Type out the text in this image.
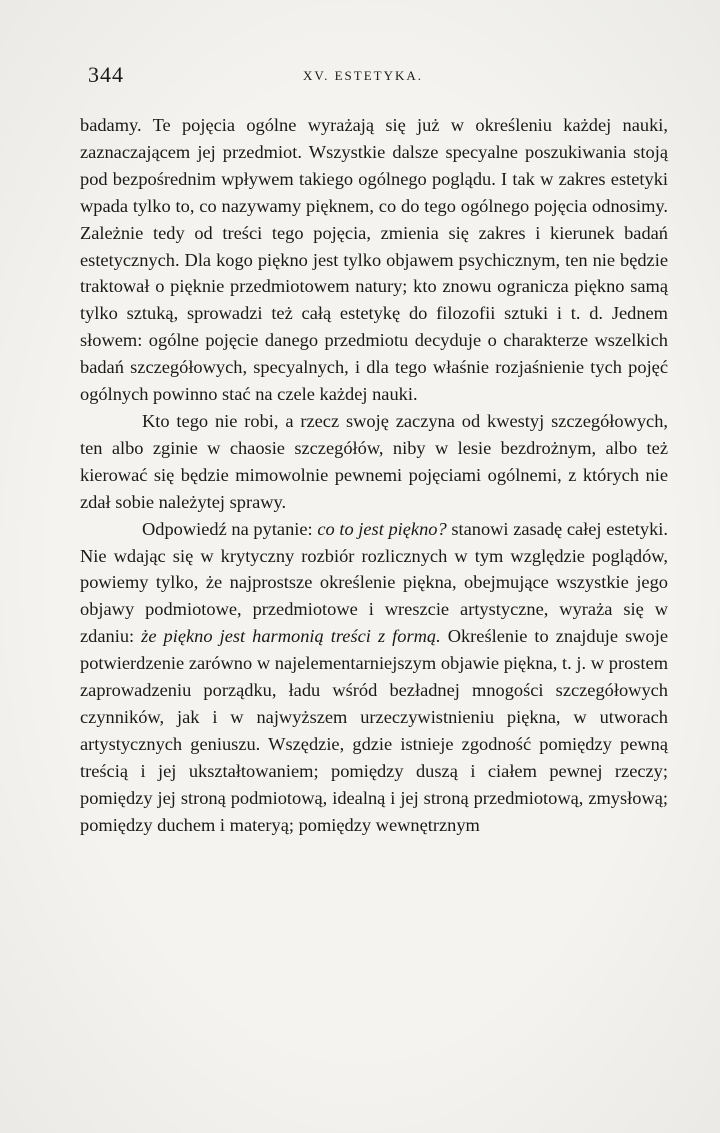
344	XV. ESTETYKA.

badamy. Te pojęcia ogólne wyrażają się już w określeniu każdej nauki, zaznaczającem jej przedmiot. Wszystkie dalsze specyalne poszukiwania stoją pod bezpośrednim wpływem takiego ogólnego poglądu. I tak w zakres estetyki wpada tylko to, co nazywamy pięknem, co do tego ogólnego pojęcia odnosimy. Zależnie tedy od treści tego pojęcia, zmienia się zakres i kierunek badań estetycznych. Dla kogo piękno jest tylko objawem psychicznym, ten nie będzie traktował o pięknie przedmiotowem natury; kto znowu ogranicza piękno samą tylko sztuką, sprowadzi też całą estetykę do filozofii sztuki i t. d. Jednem słowem: ogólne pojęcie danego przedmiotu decyduje o charakterze wszelkich badań szczegółowych, specyalnych, i dla tego właśnie rozjaśnienie tych pojęć ogólnych powinno stać na czele każdej nauki.

Kto tego nie robi, a rzecz swoję zaczyna od kwestyj szczegółowych, ten albo zginie w chaosie szczegółów, niby w lesie bezdrożnym, albo też kierować się będzie mimowolnie pewnemi pojęciami ogólnemi, z których nie zdał sobie należytej sprawy.

Odpowiedź na pytanie: co to jest piękno? stanowi zasadę całej estetyki. Nie wdając się w krytyczny rozbiór rozlicznych w tym względzie poglądów, powiemy tylko, że najprostsze określenie piękna, obejmujące wszystkie jego objawy podmiotowe, przedmiotowe i wreszcie artystyczne, wyraża się w zdaniu: że piękno jest harmonią treści z formą. Określenie to znajduje swoje potwierdzenie zarówno w najelementarniejszym objawie piękna, t. j. w prostem zaprowadzeniu porządku, ładu wśród bezładnej mnogości szczegółowych czynników, jak i w najwyższem urzeczywistnieniu piękna, w utworach artystycznych geniuszu. Wszędzie, gdzie istnieje zgodność pomiędzy pewną treścią i jej ukształtowaniem; pomiędzy duszą i ciałem pewnej rzeczy; pomiędzy jej stroną podmiotową, idealną i jej stroną przedmiotową, zmysłową; pomiędzy duchem i materyą; pomiędzy wewnętrznym
